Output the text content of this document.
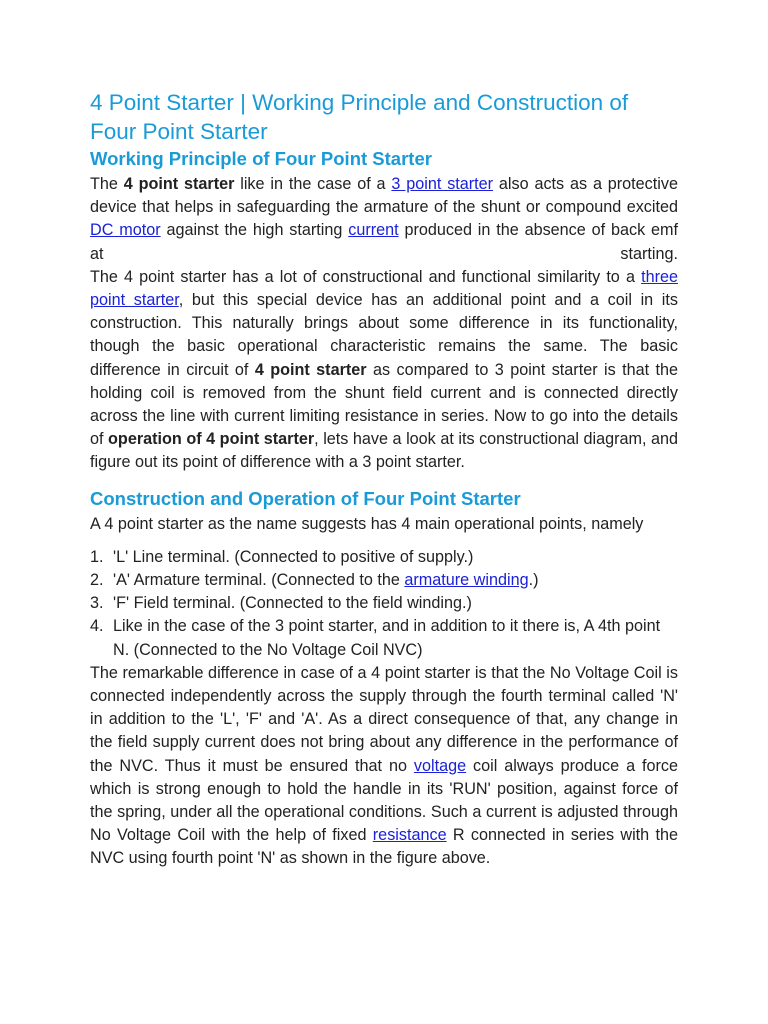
4 Point Starter | Working Principle and Construction of Four Point Starter
Working Principle of Four Point Starter

The 4 point starter like in the case of a 3 point starter also acts as a protective device that helps in safeguarding the armature of the shunt or compound excited DC motor against the high starting current produced in the absence of back emf at starting.

The 4 point starter has a lot of constructional and functional similarity to a three point starter, but this special device has an additional point and a coil in its construction. This naturally brings about some difference in its functionality, though the basic operational characteristic remains the same. The basic difference in circuit of 4 point starter as compared to 3 point starter is that the holding coil is removed from the shunt field current and is connected directly across the line with current limiting resistance in series. Now to go into the details of operation of 4 point starter, lets have a look at its constructional diagram, and figure out its point of difference with a 3 point starter.

Construction and Operation of Four Point Starter

A 4 point starter as the name suggests has 4 main operational points, namely

1. 'L' Line terminal. (Connected to positive of supply.)
2. 'A' Armature terminal. (Connected to the armature winding.)
3. 'F' Field terminal. (Connected to the field winding.)
4. Like in the case of the 3 point starter, and in addition to it there is, A 4th point N. (Connected to the No Voltage Coil NVC)

The remarkable difference in case of a 4 point starter is that the No Voltage Coil is connected independently across the supply through the fourth terminal called 'N' in addition to the 'L', 'F' and 'A'. As a direct consequence of that, any change in the field supply current does not bring about any difference in the performance of the NVC. Thus it must be ensured that no voltage coil always produce a force which is strong enough to hold the handle in its 'RUN' position, against force of the spring, under all the operational conditions. Such a current is adjusted through No Voltage Coil with the help of fixed resistance R connected in series with the NVC using fourth point 'N' as shown in the figure above.
